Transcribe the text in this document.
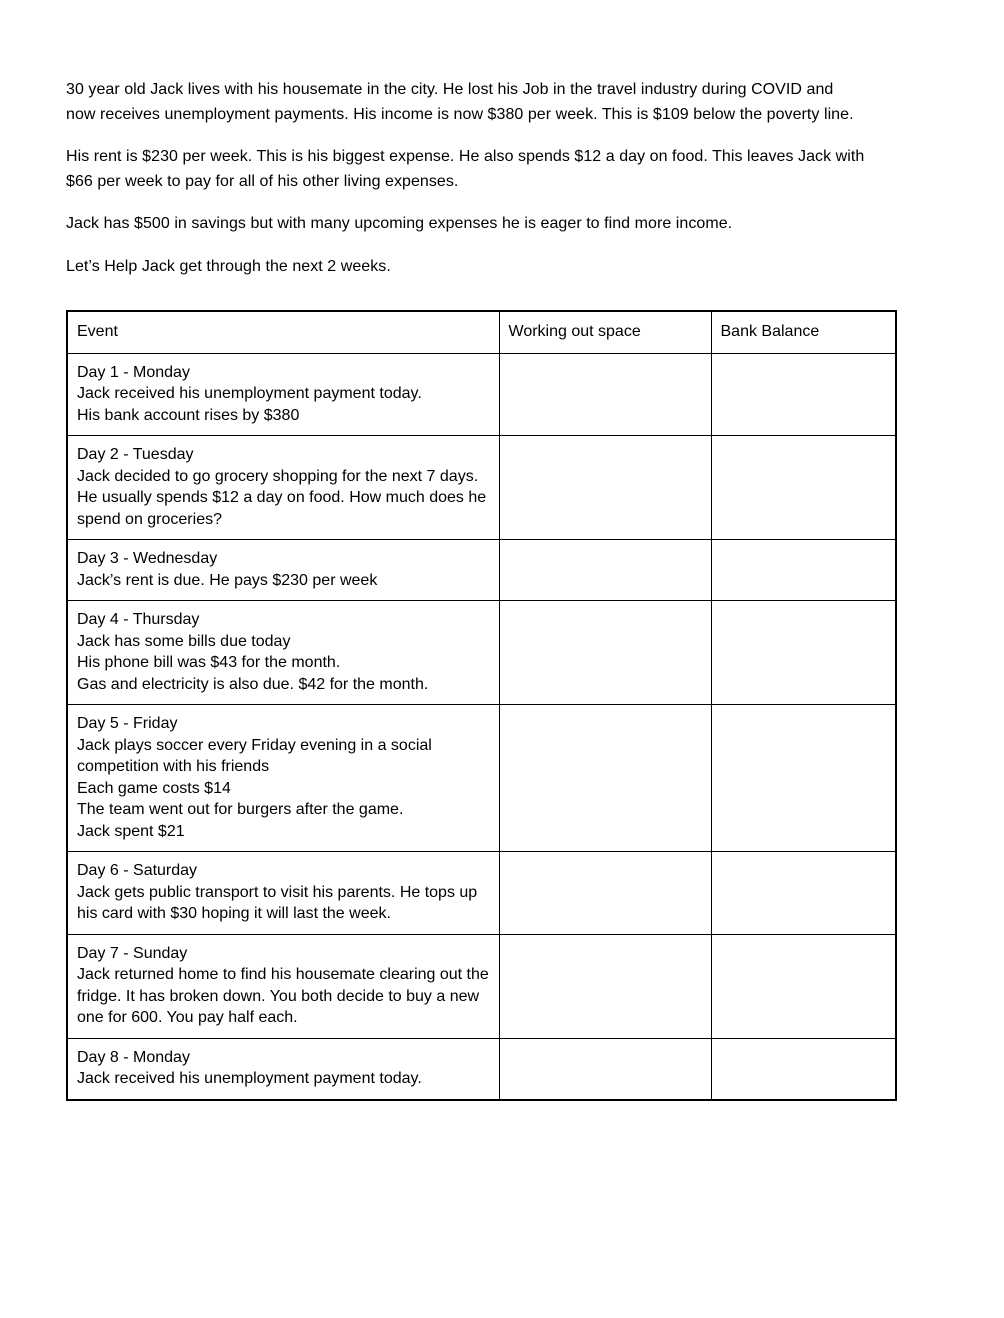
30 year old Jack lives with his housemate in the city. He lost his Job in the travel industry during COVID and now receives unemployment payments. His income is now $380 per week. This is $109 below the poverty line.

His rent is $230 per week. This is his biggest expense. He also spends $12 a day on food. This leaves Jack with $66 per week to pay for all of his other living expenses.

Jack has $500 in savings but with many upcoming expenses he is eager to find more income.

Let’s Help Jack get through the next 2 weeks.

Event	Working out space	Bank Balance

Day 1 - Monday
Jack received his unemployment payment today.
His bank account rises by $380		

Day 2 - Tuesday
Jack decided to go grocery shopping for the next 7 days.
He usually spends $12 a day on food. How much does he spend on groceries?		

Day 3 - Wednesday
Jack’s rent is due. He pays $230 per week		

Day 4 - Thursday
Jack has some bills due today
His phone bill was $43 for the month.
Gas and electricity is also due. $42 for the month.		

Day 5 - Friday
Jack plays soccer every Friday evening in a social competition with his friends
Each game costs $14
The team went out for burgers after the game.
Jack spent $21		

Day 6 - Saturday
Jack gets public transport to visit his parents. He tops up his card with $30 hoping it will last the week.		

Day 7 - Sunday
Jack returned home to find his housemate clearing out the fridge. It has broken down. You both decide to buy a new one for 600. You pay half each.		

Day 8 - Monday
Jack received his unemployment payment today.		
